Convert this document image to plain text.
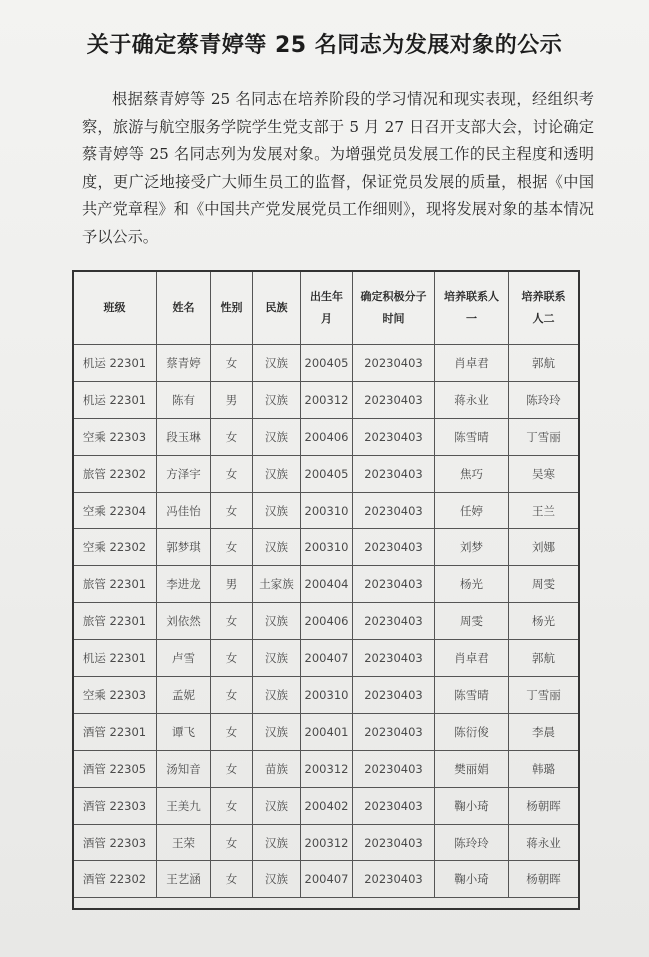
关于确定蔡青婷等 25 名同志为发展对象的公示
根据蔡青婷等 25 名同志在培养阶段的学习情况和现实表现，经组织考察，旅游与航空服务学院学生党支部于 5 月 27 日召开支部大会，讨论确定蔡青婷等 25 名同志列为发展对象。为增强党员发展工作的民主程度和透明度，更广泛地接受广大师生员工的监督，保证党员发展的质量，根据《中国共产党章程》和《中国共产党发展党员工作细则》，现将发展对象的基本情况予以公示。
班级	姓名	性别	民族	出生年月	确定积极分子时间	培养联系人一	培养联系人二
机运 22301	蔡青婷	女	汉族	200405	20230403	肖卓君	郭航
机运 22301	陈有	男	汉族	200312	20230403	蒋永业	陈玲玲
空乘 22303	段玉琳	女	汉族	200406	20230403	陈雪晴	丁雪丽
旅管 22302	方泽宇	女	汉族	200405	20230403	焦巧	吴寒
空乘 22304	冯佳怡	女	汉族	200310	20230403	任婷	王兰
空乘 22302	郭梦琪	女	汉族	200310	20230403	刘梦	刘娜
旅管 22301	李进龙	男	土家族	200404	20230403	杨光	周雯
旅管 22301	刘依然	女	汉族	200406	20230403	周雯	杨光
机运 22301	卢雪	女	汉族	200407	20230403	肖卓君	郭航
空乘 22303	孟妮	女	汉族	200310	20230403	陈雪晴	丁雪丽
酒管 22301	谭飞	女	汉族	200401	20230403	陈衍俊	李晨
酒管 22305	汤知音	女	苗族	200312	20230403	樊丽娟	韩璐
酒管 22303	王美九	女	汉族	200402	20230403	鞠小琦	杨朝晖
酒管 22303	王荣	女	汉族	200312	20230403	陈玲玲	蒋永业
酒管 22302	王艺涵	女	汉族	200407	20230403	鞠小琦	杨朝晖
